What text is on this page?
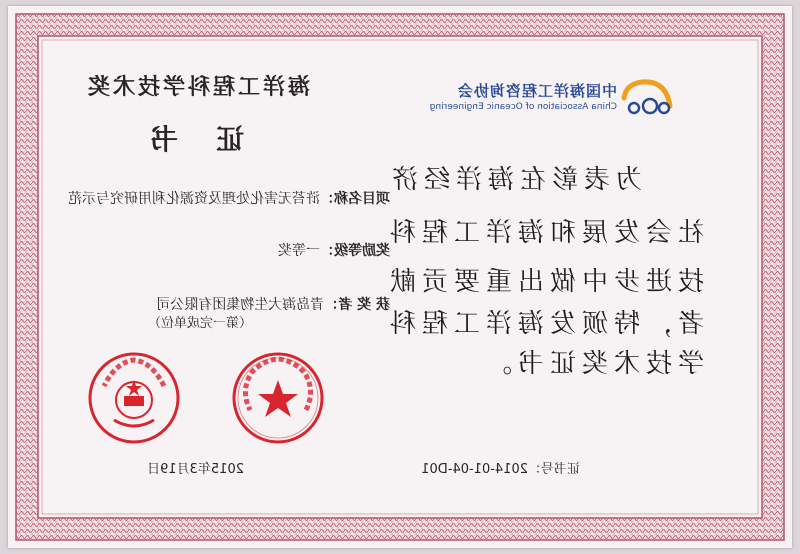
海洋工程科学技术奖
证 书
项目名称：浒苔无害化处理及资源化利用研究与示范
奖励等级：一等奖
获 奖 者：青岛海大生物集团有限公司
（第一完成单位）
为表彰在海洋经济
社会发展和海洋工程科
技进步中做出重要贡献
者，特颁发海洋工程科
学技术奖证书。
中国海洋工程咨询协会
China Association of Oceanic Engineering
证书号：2014-01-04-D01
2015年3月19日
